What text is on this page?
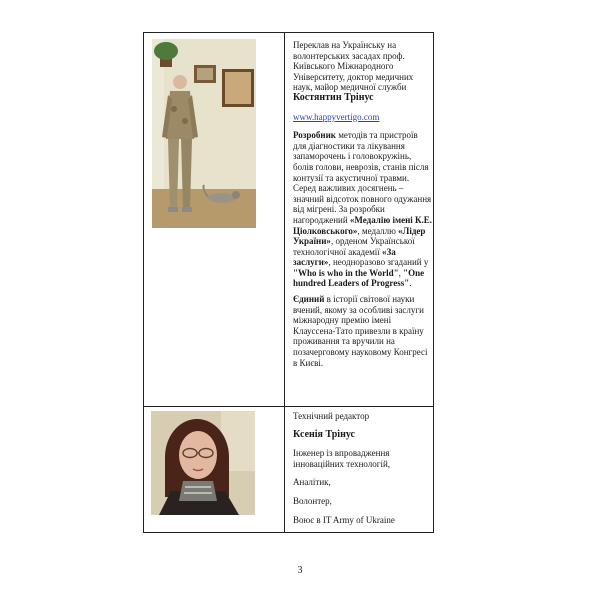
Переклав на Українську на волонтерських засадах проф. Київського Міжнародного Університету, доктор медичних наук, майор медичної служби

Костянтин Трінус

www.happyvertigo.com

Розробник методів та пристроїв для діагностики та лікування запаморочень і головокружінь, болів голови, неврозів, станів після контузії та акустичної травми. Серед важливих досягнень – значний відсоток повного одужання від мігрені. За розробки нагороджений «Медалію імені К.Е. Ціолковського», медаллю «Лідер України», орденом Української технологічної академії «За заслуги», неодноразово згаданий у "Who is who in the World", "One hundred Leaders of Progress".

Єдиний в історії світової науки вчений, якому за особливі заслуги міжнародну премію імені Клауссена-Тато привезли в країну проживання та вручили на позачерговому науковому Конгресі в Києві.

Технічний редактор

Ксенія Трінус

Інженер із впровадження інноваційних технологій,

Аналітик,

Волонтер,

Воює в IT Army of Ukraine

3
